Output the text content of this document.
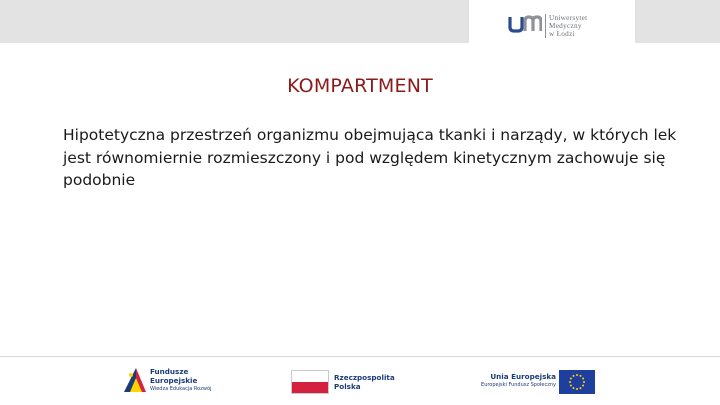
Uniwersytet
Medyczny
w Łodzi
KOMPARTMENT
Hipotetyczna przestrzeń organizmu obejmująca tkanki i narządy, w których lek jest równomiernie rozmieszczony i pod względem kinetycznym zachowuje się podobnie
Fundusze
Europejskie
Wiedza Edukacja Rozwój
Rzeczpospolita
Polska
Unia Europejska
Europejski Fundusz Społeczny
